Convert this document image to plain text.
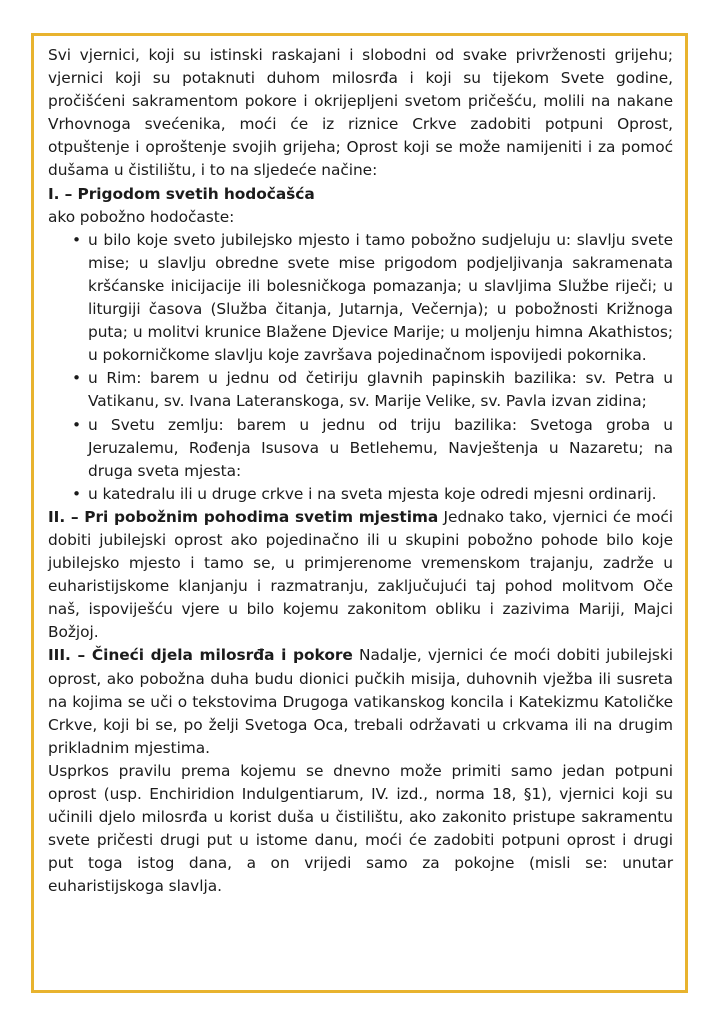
Svi vjernici, koji su istinski raskajani i slobodni od svake privrženosti grijehu; vjernici koji su potaknuti duhom milosrđa i koji su tijekom Svete godine, pročišćeni sakramentom pokore i okrijepljeni svetom pričešću, molili na nakane Vrhovnoga svećenika, moći će iz riznice Crkve zadobiti potpuni Oprost, otpuštenje i oproštenje svojih grijeha; Oprost koji se može namijeniti i za pomoć dušama u čistilištu, i to na sljedeće načine:

I. – Prigodom svetih hodočašća

ako pobožno hodočaste:

• u bilo koje sveto jubilejsko mjesto i tamo pobožno sudjeluju u: slavlju svete mise; u slavlju obredne svete mise prigodom podjeljivanja sakramenata kršćanske inicijacije ili bolesničkoga pomazanja; u slavljima Službe riječi; u liturgiji časova (Služba čitanja, Jutarnja, Večernja); u pobožnosti Križnoga puta; u molitvi krunice Blažene Djevice Marije; u moljenju himna Akathistos; u pokorničkome slavlju koje završava pojedinačnom ispovijedi pokornika.
• u Rim: barem u jednu od četiriju glavnih papinskih bazilika: sv. Petra u Vatikanu, sv. Ivana Lateranskoga, sv. Marije Velike, sv. Pavla izvan zidina;
• u Svetu zemlju: barem u jednu od triju bazilika: Svetoga groba u Jeruzalemu, Rođenja Isusova u Betlehemu, Navještenja u Nazaretu; na druga sveta mjesta:
• u katedralu ili u druge crkve i na sveta mjesta koje odredi mjesni ordinarij.

II. – Pri pobožnim pohodima svetim mjestima Jednako tako, vjernici će moći dobiti jubilejski oprost ako pojedinačno ili u skupini pobožno pohode bilo koje jubilejsko mjesto i tamo se, u primjerenome vremenskom trajanju, zadrže u euharistijskome klanjanju i razmatranju, zaključujući taj pohod molitvom Oče naš, ispoviješću vjere u bilo kojemu zakonitom obliku i zazivima Mariji, Majci Božjoj.

III. – Čineći djela milosrđa i pokore Nadalje, vjernici će moći dobiti jubilejski oprost, ako pobožna duha budu dionici pučkih misija, duhovnih vježba ili susreta na kojima se uči o tekstovima Drugoga vatikanskog koncila i Katekizmu Katoličke Crkve, koji bi se, po želji Svetoga Oca, trebali održavati u crkvama ili na drugim prikladnim mjestima.

Usprkos pravilu prema kojemu se dnevno može primiti samo jedan potpuni oprost (usp. Enchiridion Indulgentiarum, IV. izd., norma 18, §1), vjernici koji su učinili djelo milosrđa u korist duša u čistilištu, ako zakonito pristupe sakramentu svete pričesti drugi put u istome danu, moći će zadobiti potpuni oprost i drugi put toga istog dana, a on vrijedi samo za pokojne (misli se: unutar euharistijskoga slavlja.
